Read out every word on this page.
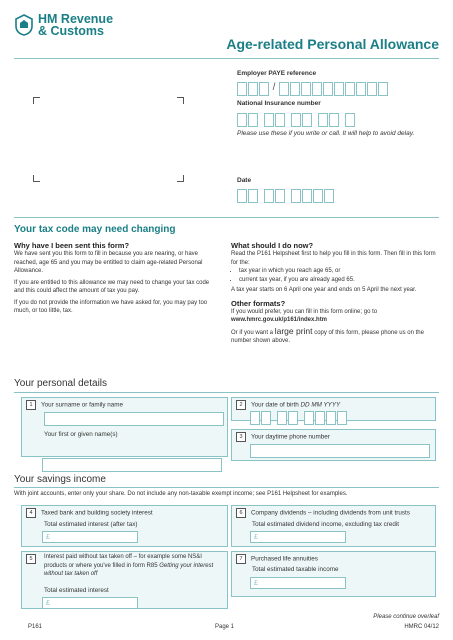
HM Revenue
& Customs
Age-related Personal Allowance
Employer PAYE reference
/
National Insurance number
Please use these if you write or call. It will help to avoid delay.
Date
Your tax code may need changing
Why have I been sent this form?
We have sent you this form to fill in because you are nearing, or have reached, age 65 and you may be entitled to claim age-related Personal Allowance.
If you are entitled to this allowance we may need to change your tax code and this could affect the amount of tax you pay.
If you do not provide the information we have asked for, you may pay too much, or too little, tax.
What should I do now?
Read the P161 Helpsheet first to help you fill in this form. Then fill in this form for the:
• tax year in which you reach age 65, or
• current tax year, if you are already aged 65.
A tax year starts on 6 April one year and ends on 5 April the next year.
Other formats?
If you would prefer, you can fill in this form online; go to
www.hmrc.gov.uk/p161/index.htm
Or if you want a large print copy of this form, please phone us on the number shown above.
Your personal details
1 Your surname or family name
Your first or given name(s)
2 Your date of birth DD MM YYYY
3 Your daytime phone number
Your savings income
With joint accounts, enter only your share. Do not include any non-taxable exempt income; see P161 Helpsheet for examples.
4 Taxed bank and building society interest
Total estimated interest (after tax)
£
5	Interest paid without tax taken off – for example some NS&I products or where you've filled in form R85 Getting your interest without tax taken off
Total estimated interest
£
6 Company dividends – including dividends from unit trusts
Total estimated dividend income, excluding tax credit
£
7 Purchased life annuities
Total estimated taxable income
£
Please continue overleaf
P161	Page 1	HMRC 04/12
